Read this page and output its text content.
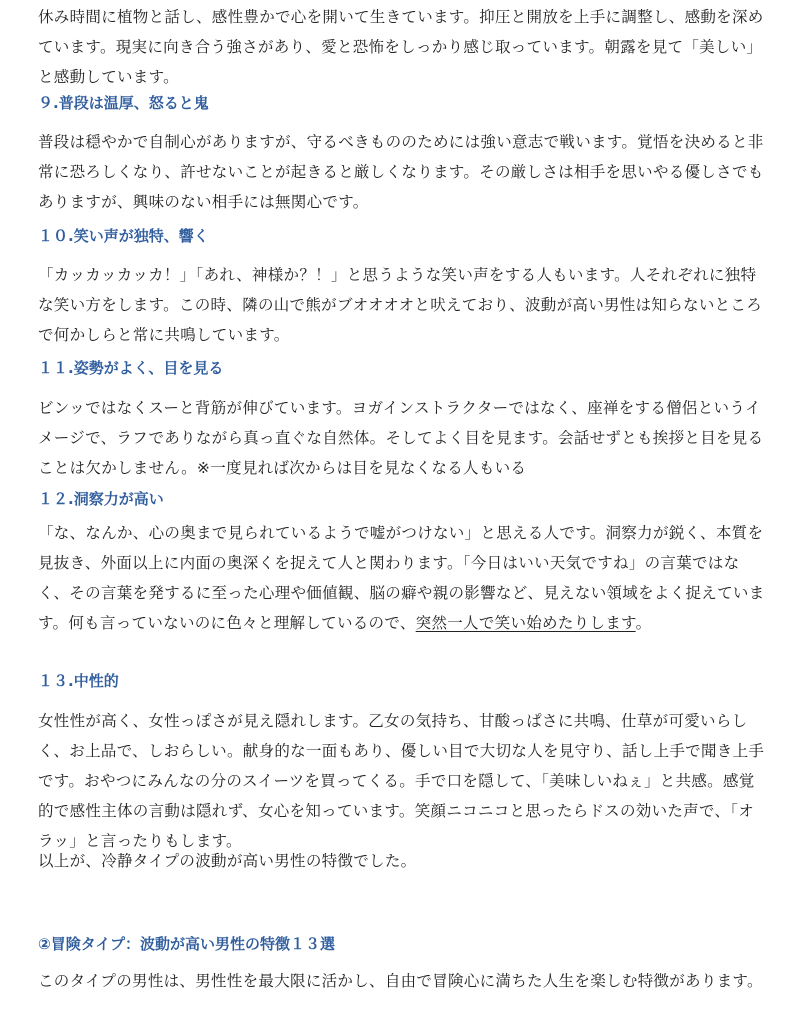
休み時間に植物と話し、感性豊かで心を開いて生きています。抑圧と開放を上手に調整し、感動を深めています。現実に向き合う強さがあり、愛と恐怖をしっかり感じ取っています。朝露を見て「美しい」と感動しています。

９.普段は温厚、怒ると鬼

普段は穏やかで自制心がありますが、守るべきもののためには強い意志で戦います。覚悟を決めると非常に恐ろしくなり、許せないことが起きると厳しくなります。その厳しさは相手を思いやる優しさでもありますが、興味のない相手には無関心です。

１０.笑い声が独特、響く

「カッカッカッカ！」「あれ、神様か？！」と思うような笑い声をする人もいます。人それぞれに独特な笑い方をします。この時、隣の山で熊がブオオオオと吠えており、波動が高い男性は知らないところで何かしらと常に共鳴しています。

１１.姿勢がよく、目を見る

ビンッではなくスーと背筋が伸びています。ヨガインストラクターではなく、座禅をする僧侶というイメージで、ラフでありながら真っ直ぐな自然体。そしてよく目を見ます。会話せずとも挨拶と目を見ることは欠かしません。※一度見れば次からは目を見なくなる人もいる

１２.洞察力が高い

「な、なんか、心の奥まで見られているようで嘘がつけない」と思える人です。洞察力が鋭く、本質を見抜き、外面以上に内面の奥深くを捉えて人と関わります。「今日はいい天気ですね」の言葉ではなく、その言葉を発するに至った心理や価値観、脳の癖や親の影響など、見えない領域をよく捉えています。何も言っていないのに色々と理解しているので、突然一人で笑い始めたりします。

１３.中性的

女性性が高く、女性っぽさが見え隠れします。乙女の気持ち、甘酸っぱさに共鳴、仕草が可愛いらしく、お上品で、しおらしい。献身的な一面もあり、優しい目で大切な人を見守り、話し上手で聞き上手です。おやつにみんなの分のスイーツを買ってくる。手で口を隠して、「美味しいねぇ」と共感。感覚的で感性主体の言動は隠れず、女心を知っています。笑顔ニコニコと思ったらドスの効いた声で、「オラッ」と言ったりもします。

以上が、冷静タイプの波動が高い男性の特徴でした。

②冒険タイプ：波動が高い男性の特徴１３選

このタイプの男性は、男性性を最大限に活かし、自由で冒険心に満ちた人生を楽しむ特徴があります。
